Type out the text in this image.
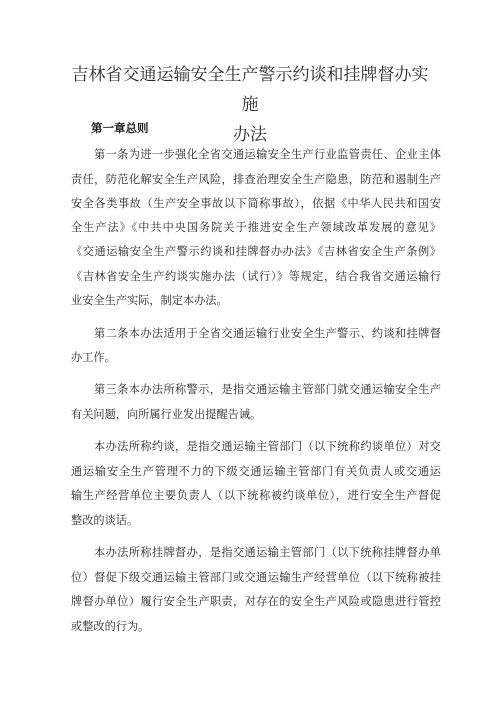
吉林省交通运输安全生产警示约谈和挂牌督办实施
办法
第一章总则
第一条为进一步强化全省交通运输安全生产行业监管责任、企业主体
责任，防范化解安全生产风险，排查治理安全生产隐患，防范和遏制生产
安全各类事故（生产安全事故以下简称事故），依据《中华人民共和国安
全生产法》《中共中央国务院关于推进安全生产领域改革发展的意见》
《交通运输安全生产警示约谈和挂牌督办办法》《吉林省安全生产条例》
《吉林省安全生产约谈实施办法（试行）》等规定，结合我省交通运输行
业安全生产实际，制定本办法。
第二条本办法适用于全省交通运输行业安全生产警示、约谈和挂牌督
办工作。
第三条本办法所称警示，是指交通运输主管部门就交通运输安全生产
有关问题，向所属行业发出提醒告诫。
本办法所称约谈，是指交通运输主管部门（以下统称约谈单位）对交
通运输安全生产管理不力的下级交通运输主管部门有关负责人或交通运
输生产经营单位主要负责人（以下统称被约谈单位），进行安全生产督促
整改的谈话。
本办法所称挂牌督办，是指交通运输主管部门（以下统称挂牌督办单
位）督促下级交通运输主管部门或交通运输生产经营单位（以下统称被挂
牌督办单位）履行安全生产职责，对存在的安全生产风险或隐患进行管控
或整改的行为。
